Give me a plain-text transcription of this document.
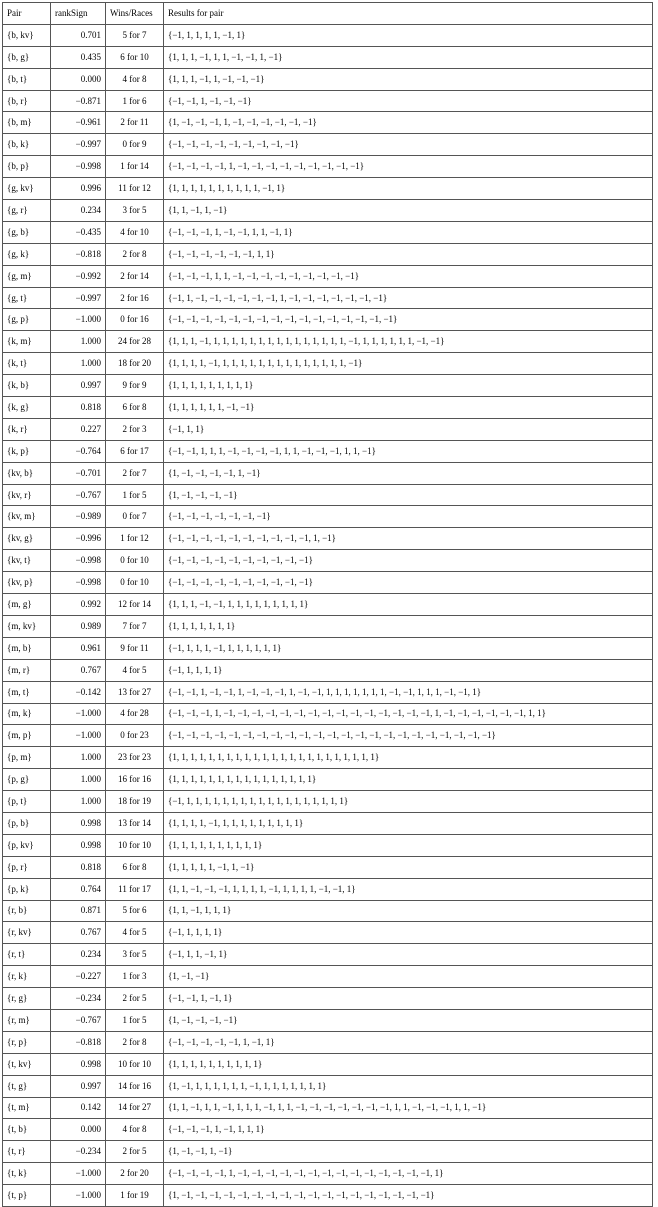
Pair	rankSign	Wins/Races	Results for pair
{b, kv}	0.701	5 for 7	{−1, 1, 1, 1, 1, −1, 1}
{b, g}	0.435	6 for 10	{1, 1, 1, −1, 1, 1, −1, −1, 1, −1}
{b, t}	0.000	4 for 8	{1, 1, 1, −1, 1, −1, −1, −1}
{b, r}	−0.871	1 for 6	{−1, −1, 1, −1, −1, −1}
{b, m}	−0.961	2 for 11	{1, −1, −1, −1, 1, −1, −1, −1, −1, −1, −1}
{b, k}	−0.997	0 for 9	{−1, −1, −1, −1, −1, −1, −1, −1, −1}
{b, p}	−0.998	1 for 14	{−1, −1, −1, −1, 1, −1, −1, −1, −1, −1, −1, −1, −1, −1}
{g, kv}	0.996	11 for 12	{1, 1, 1, 1, 1, 1, 1, 1, 1, 1, −1, 1}
{g, r}	0.234	3 for 5	{1, 1, −1, 1, −1}
{g, b}	−0.435	4 for 10	{−1, −1, −1, 1, −1, −1, 1, 1, −1, 1}
{g, k}	−0.818	2 for 8	{−1, −1, −1, −1, −1, −1, 1, 1}
{g, m}	−0.992	2 for 14	{−1, −1, −1, 1, 1, −1, −1, −1, −1, −1, −1, −1, −1, −1}
{g, t}	−0.997	2 for 16	{−1, 1, −1, −1, −1, −1, −1, −1, 1, −1, −1, −1, −1, −1, −1, −1}
{g, p}	−1.000	0 for 16	{−1, −1, −1, −1, −1, −1, −1, −1, −1, −1, −1, −1, −1, −1, −1, −1}
{k, m}	1.000	24 for 28	{1, 1, 1, −1, 1, 1, 1, 1, 1, 1, 1, 1, 1, 1, 1, 1, 1, 1, 1, −1, 1, 1, 1, 1, 1, 1, −1, −1}
{k, t}	1.000	18 for 20	{1, 1, 1, 1, −1, 1, 1, 1, 1, 1, 1, 1, 1, 1, 1, 1, 1, 1, 1, −1}
{k, b}	0.997	9 for 9	{1, 1, 1, 1, 1, 1, 1, 1, 1}
{k, g}	0.818	6 for 8	{1, 1, 1, 1, 1, 1, −1, −1}
{k, r}	0.227	2 for 3	{−1, 1, 1}
{k, p}	−0.764	6 for 17	{−1, −1, 1, 1, 1, −1, −1, −1, −1, 1, 1, −1, −1, −1, 1, 1, −1}
{kv, b}	−0.701	2 for 7	{1, −1, −1, −1, −1, 1, −1}
{kv, r}	−0.767	1 for 5	{1, −1, −1, −1, −1}
{kv, m}	−0.989	0 for 7	{−1, −1, −1, −1, −1, −1, −1}
{kv, g}	−0.996	1 for 12	{−1, −1, −1, −1, −1, −1, −1, −1, −1, −1, 1, −1}
{kv, t}	−0.998	0 for 10	{−1, −1, −1, −1, −1, −1, −1, −1, −1, −1}
{kv, p}	−0.998	0 for 10	{−1, −1, −1, −1, −1, −1, −1, −1, −1, −1}
{m, g}	0.992	12 for 14	{1, 1, 1, −1, −1, 1, 1, 1, 1, 1, 1, 1, 1, 1}
{m, kv}	0.989	7 for 7	{1, 1, 1, 1, 1, 1, 1}
{m, b}	0.961	9 for 11	{−1, 1, 1, 1, −1, 1, 1, 1, 1, 1, 1}
{m, r}	0.767	4 for 5	{−1, 1, 1, 1, 1}
{m, t}	−0.142	13 for 27	{−1, −1, 1, −1, −1, 1, −1, −1, −1, 1, −1, −1, 1, 1, 1, 1, 1, 1, 1, −1, −1, 1, 1, 1, −1, −1, 1}
{m, k}	−1.000	4 for 28	{−1, −1, −1, 1, −1, −1, −1, −1, −1, −1, −1, −1, −1, −1, −1, −1, −1, −1, −1, 1, −1, −1, −1, −1, −1, −1, 1, 1}
{m, p}	−1.000	0 for 23	{−1, −1, −1, −1, −1, −1, −1, −1, −1, −1, −1, −1, −1, −1, −1, −1, −1, −1, −1, −1, −1, −1, −1}
{p, m}	1.000	23 for 23	{1, 1, 1, 1, 1, 1, 1, 1, 1, 1, 1, 1, 1, 1, 1, 1, 1, 1, 1, 1, 1, 1, 1}
{p, g}	1.000	16 for 16	{1, 1, 1, 1, 1, 1, 1, 1, 1, 1, 1, 1, 1, 1, 1, 1}
{p, t}	1.000	18 for 19	{−1, 1, 1, 1, 1, 1, 1, 1, 1, 1, 1, 1, 1, 1, 1, 1, 1, 1, 1}
{p, b}	0.998	13 for 14	{1, 1, 1, 1, −1, 1, 1, 1, 1, 1, 1, 1, 1, 1}
{p, kv}	0.998	10 for 10	{1, 1, 1, 1, 1, 1, 1, 1, 1, 1}
{p, r}	0.818	6 for 8	{1, 1, 1, 1, 1, −1, 1, −1}
{p, k}	0.764	11 for 17	{1, 1, −1, −1, −1, 1, 1, 1, 1, −1, 1, 1, 1, 1, −1, −1, 1}
{r, b}	0.871	5 for 6	{1, 1, −1, 1, 1, 1}
{r, kv}	0.767	4 for 5	{−1, 1, 1, 1, 1}
{r, t}	0.234	3 for 5	{−1, 1, 1, −1, 1}
{r, k}	−0.227	1 for 3	{1, −1, −1}
{r, g}	−0.234	2 for 5	{−1, −1, 1, −1, 1}
{r, m}	−0.767	1 for 5	{1, −1, −1, −1, −1}
{r, p}	−0.818	2 for 8	{−1, −1, −1, −1, −1, 1, −1, 1}
{t, kv}	0.998	10 for 10	{1, 1, 1, 1, 1, 1, 1, 1, 1, 1}
{t, g}	0.997	14 for 16	{1, −1, 1, 1, 1, 1, 1, 1, −1, 1, 1, 1, 1, 1, 1, 1}
{t, m}	0.142	14 for 27	{1, 1, −1, 1, 1, −1, 1, 1, 1, −1, 1, 1, −1, −1, −1, −1, −1, −1, −1, 1, 1, −1, −1, −1, 1, 1, −1}
{t, b}	0.000	4 for 8	{−1, −1, −1, 1, −1, 1, 1, 1}
{t, r}	−0.234	2 for 5	{1, −1, −1, 1, −1}
{t, k}	−1.000	2 for 20	{−1, −1, −1, −1, 1, −1, −1, −1, −1, −1, −1, −1, −1, −1, −1, −1, −1, −1, −1, 1}
{t, p}	−1.000	1 for 19	{1, −1, −1, −1, −1, −1, −1, −1, −1, −1, −1, −1, −1, −1, −1, −1, −1, −1, −1}
